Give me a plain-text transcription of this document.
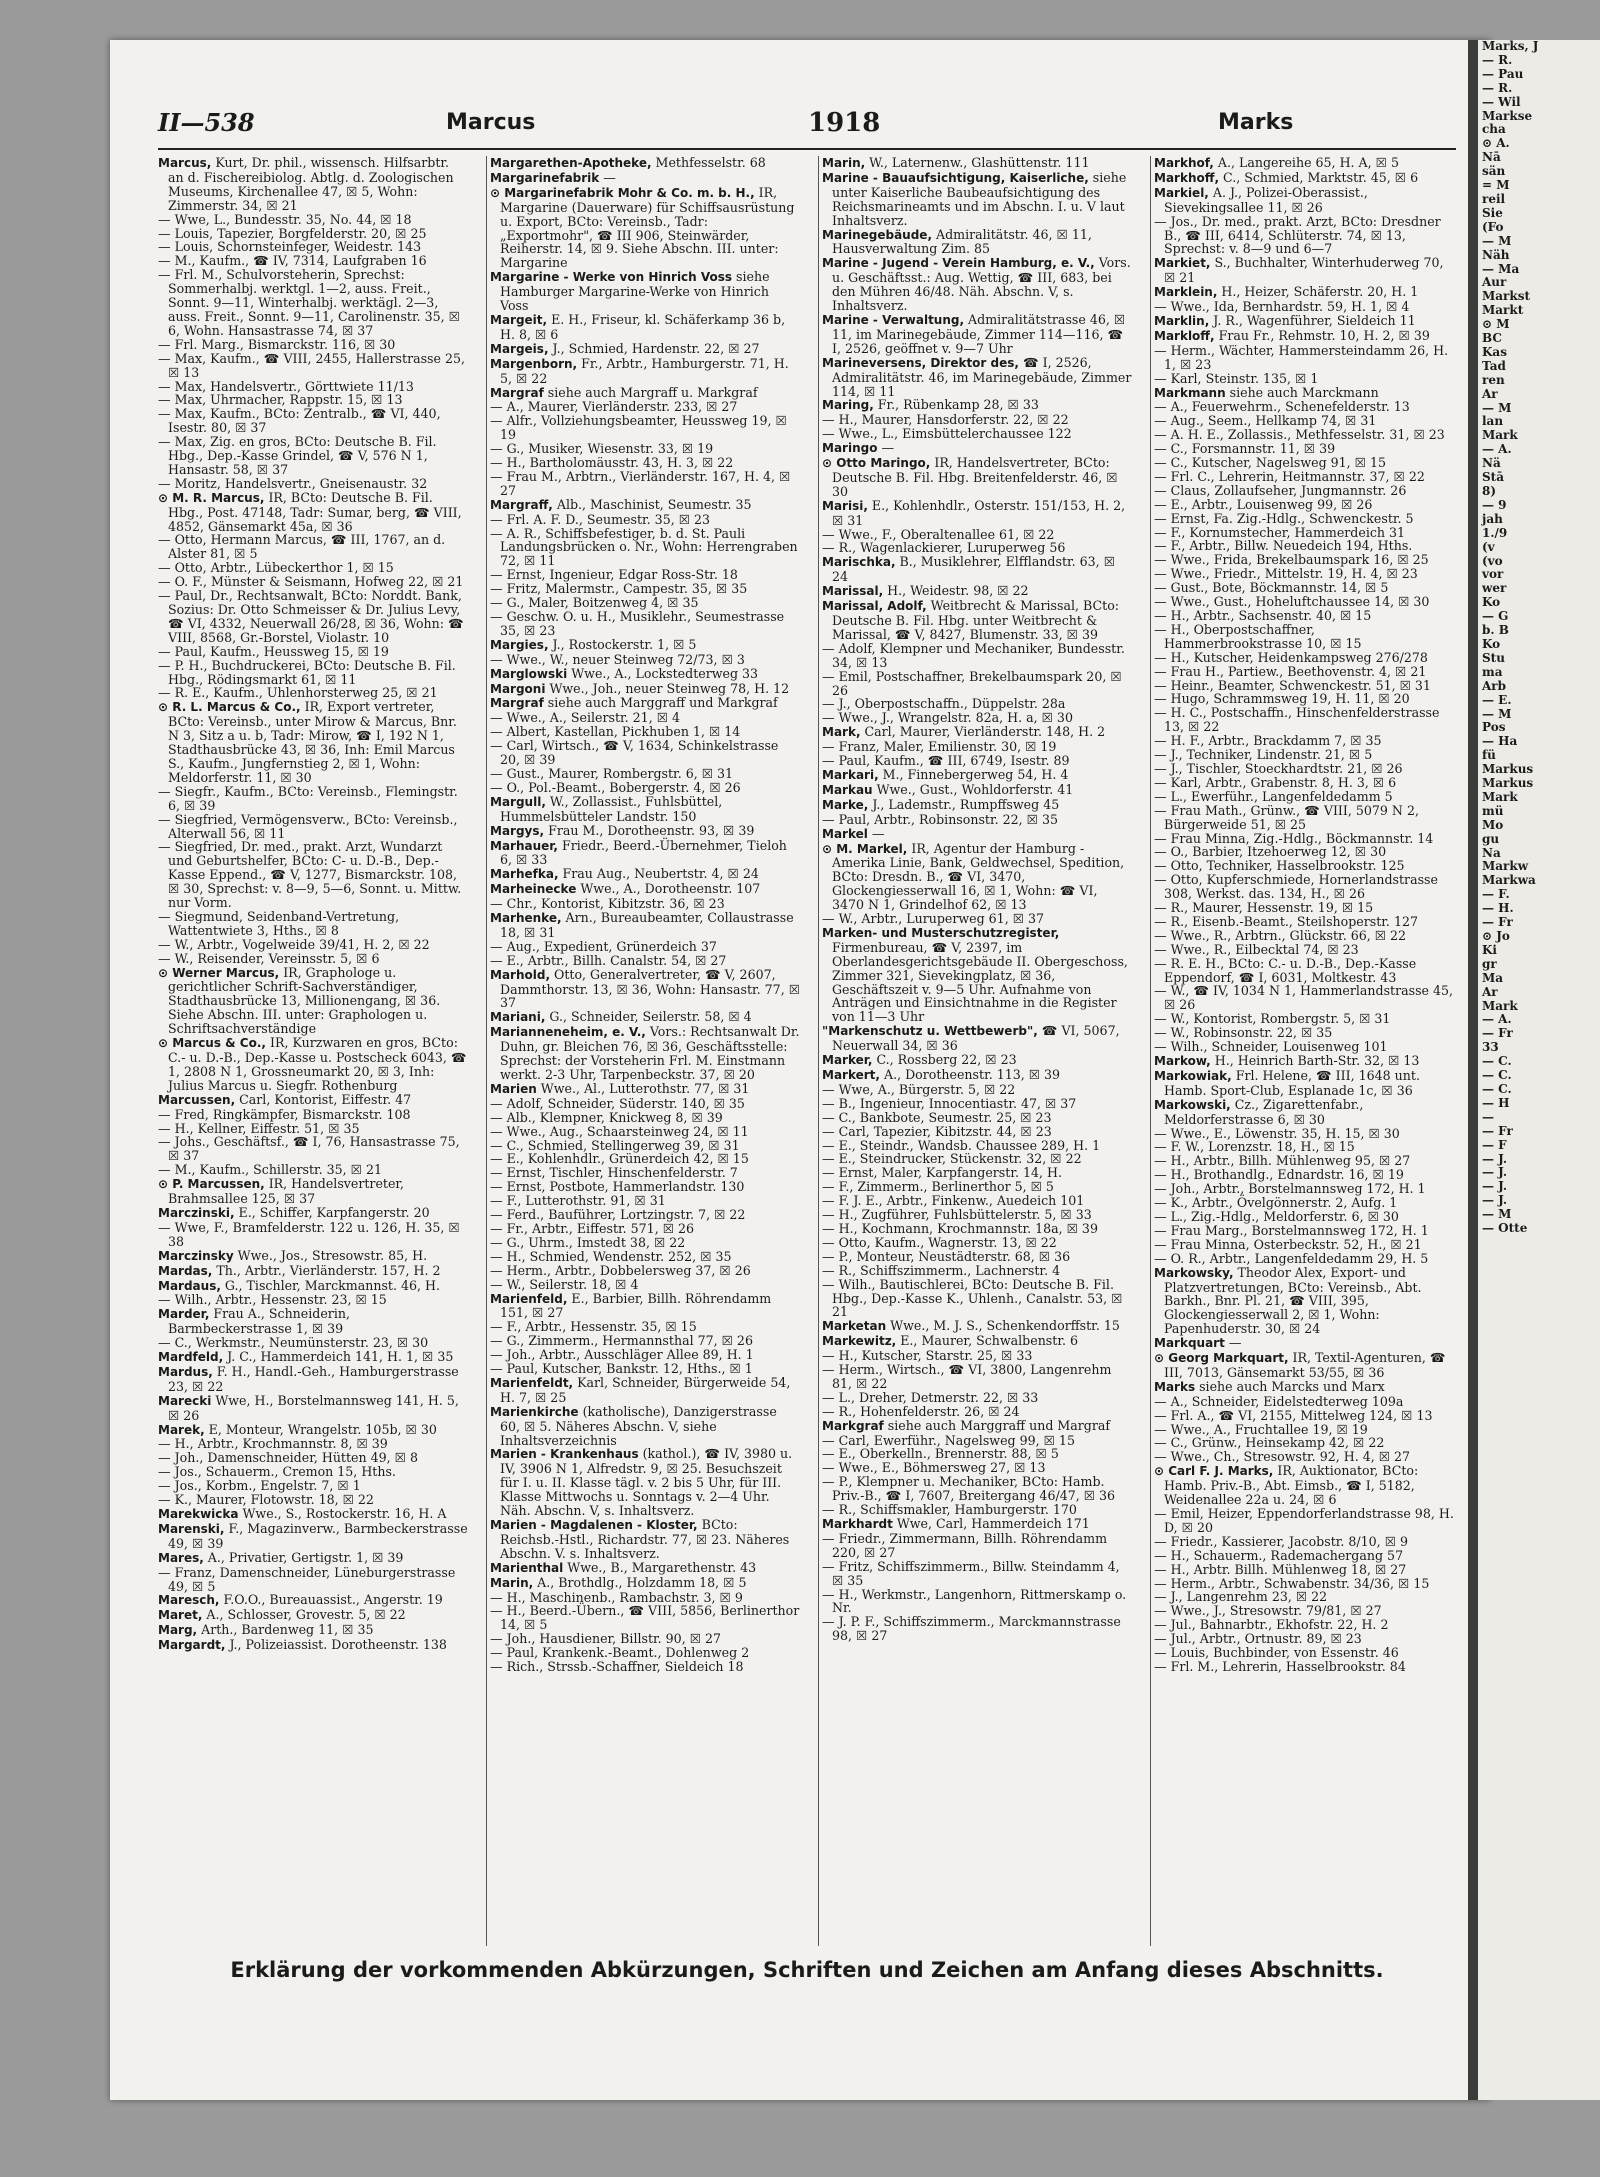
Marks, J
— R.
— Pau
— R.
— Wil
Markse
cha
⊙ A.
Nā
sän
= M
reil
Sie
(Fo
— M
Näh
— Ma
Aur
Markst
Markt
⊙ M
BC
Kas
Tad
ren
Ar
— M
lan
Mark
— A.
Nä
Stā
8)
— 9
jah
1./9
(v
(vo
vor
wer
Ko
— G
b. B
Ko
Stu
ma
Arb
— E.
— M
Pos
— Ha
fü
Markus
Markus
Mark
mü
Mo
gu
Na
Markw
Markwa
— F.
— H.
— Fr
⊙ Jo
Ki
gr
Ma
Ar
Mark
— A.
— Fr
33
— C.
— C.
— C.
— H
—
— Fr
— F
— J.
— J.
— J.
— J.
— M
— Otte
II—538	Marcus	1918	Marks

Marcus, Kurt, Dr. phil., wissensch. Hilfsarbtr. an d. Fischereibiolog. Abtlg. d. Zoologischen Museums, Kirchenallee 47, ☒ 5, Wohn: Zimmerstr. 34, ☒ 21

— Wwe, L., Bundesstr. 35, No. 44, ☒ 18

— Louis, Tapezier, Borgfelderstr. 20, ☒ 25

— Louis, Schornsteinfeger, Weidestr. 143

— M., Kaufm., ☎ IV, 7314, Laufgraben 16

— Frl. M., Schulvorsteherin, Sprechst: Sommerhalbj. werktgl. 1—2, auss. Freit., Sonnt. 9—11, Winterhalbj. werktägl. 2—3, auss. Freit., Sonnt. 9—11, Carolinenstr. 35, ☒ 6, Wohn. Hansastrasse 74, ☒ 37

— Frl. Marg., Bismarckstr. 116, ☒ 30

— Max, Kaufm., ☎ VIII, 2455, Hallerstrasse 25, ☒ 13

— Max, Handelsvertr., Görttwiete 11/13

— Max, Uhrmacher, Rappstr. 15, ☒ 13

— Max, Kaufm., BCto: Zentralb., ☎ VI, 440, Isestr. 80, ☒ 37

— Max, Zig. en gros, BCto: Deutsche B. Fil. Hbg., Dep.-Kasse Grindel, ☎ V, 576 N 1, Hansastr. 58, ☒ 37

— Moritz, Handelsvertr., Gneisenaustr. 32

⊙ M. R. Marcus, IR, BCto: Deutsche B. Fil. Hbg., Post. 47148, Tadr: Sumar, berg, ☎ VIII, 4852, Gänsemarkt 45a, ☒ 36

— Otto, Hermann Marcus, ☎ III, 1767, an d. Alster 81, ☒ 5

— Otto, Arbtr., Lübeckerthor 1, ☒ 15

— O. F., Münster & Seismann, Hofweg 22, ☒ 21

— Paul, Dr., Rechtsanwalt, BCto: Norddt. Bank, Sozius: Dr. Otto Schmeisser & Dr. Julius Levy, ☎ VI, 4332, Neuerwall 26/28, ☒ 36, Wohn: ☎ VIII, 8568, Gr.-Borstel, Violastr. 10

— Paul, Kaufm., Heussweg 15, ☒ 19

— P. H., Buchdruckerei, BCto: Deutsche B. Fil. Hbg., Rödingsmarkt 61, ☒ 11

— R. E., Kaufm., Uhlenhorsterweg 25, ☒ 21

⊙ R. L. Marcus & Co., IR, Export vertreter, BCto: Vereinsb., unter Mirow & Marcus, Bnr. N 3, Sitz a u. b, Tadr: Mirow, ☎ I, 192 N 1, Stadthausbrücke 43, ☒ 36, Inh: Emil Marcus S., Kaufm., Jungfernstieg 2, ☒ 1, Wohn: Meldorferstr. 11, ☒ 30

— Siegfr., Kaufm., BCto: Vereinsb., Flemingstr. 6, ☒ 39

— Siegfried, Vermögensverw., BCto: Vereinsb., Alterwall 56, ☒ 11

— Siegfried, Dr. med., prakt. Arzt, Wundarzt und Geburtshelfer, BCto: C- u. D.-B., Dep.-Kasse Eppend., ☎ V, 1277, Bismarckstr. 108, ☒ 30, Sprechst: v. 8—9, 5—6, Sonnt. u. Mittw. nur Vorm.

— Siegmund, Seidenband-Vertretung, Wattentwiete 3, Hths., ☒ 8

— W., Arbtr., Vogelweide 39/41, H. 2, ☒ 22

— W., Reisender, Vereinsstr. 5, ☒ 6

⊙ Werner Marcus, IR, Graphologe u. gerichtlicher Schrift-Sachverständiger, Stadthausbrücke 13, Millionengang, ☒ 36. Siehe Abschn. III. unter: Graphologen u. Schriftsachverständige

⊙ Marcus & Co., IR, Kurzwaren en gros, BCto: C.- u. D.-B., Dep.-Kasse u. Postscheck 6043, ☎ 1, 2808 N 1, Grossneumarkt 20, ☒ 3, Inh: Julius Marcus u. Siegfr. Rothenburg

Marcussen, Carl, Kontorist, Eiffestr. 47

— Fred, Ringkämpfer, Bismarckstr. 108

— H., Kellner, Eiffestr. 51, ☒ 35

— Johs., Geschäftsf., ☎ I, 76, Hansastrasse 75, ☒ 37

— M., Kaufm., Schillerstr. 35, ☒ 21

⊙ P. Marcussen, IR, Handelsvertreter, Brahmsallee 125, ☒ 37

Marczinski, E., Schiffer, Karpfangerstr. 20

— Wwe, F., Bramfelderstr. 122 u. 126, H. 35, ☒ 38

Marczinsky Wwe., Jos., Stresowstr. 85, H.

Mardas, Th., Arbtr., Vierländerstr. 157, H. 2

Mardaus, G., Tischler, Marckmannst. 46, H.

— Wilh., Arbtr., Hessenstr. 23, ☒ 15

Marder, Frau A., Schneiderin, Barmbeckerstrasse 1, ☒ 39

— C., Werkmstr., Neumünsterstr. 23, ☒ 30

Mardfeld, J. C., Hammerdeich 141, H. 1, ☒ 35

Mardus, F. H., Handl.-Geh., Hamburgerstrasse 23, ☒ 22

Marecki Wwe, H., Borstelmannsweg 141, H. 5, ☒ 26

Marek, E, Monteur, Wrangelstr. 105b, ☒ 30

— H., Arbtr., Krochmannstr. 8, ☒ 39

— Joh., Damenschneider, Hütten 49, ☒ 8

— Jos., Schauerm., Cremon 15, Hths.

— Jos., Korbm., Engelstr. 7, ☒ 1

— K., Maurer, Flotowstr. 18, ☒ 22

Marekwicka Wwe., S., Rostockerstr. 16, H. A

Marenski, F., Magazinverw., Barmbeckerstrasse 49, ☒ 39

Mares, A., Privatier, Gertigstr. 1, ☒ 39

— Franz, Damenschneider, Lüneburgerstrasse 49, ☒ 5

Maresch, F.O.O., Bureauassist., Angerstr. 19

Maret, A., Schlosser, Grovestr. 5, ☒ 22

Marg, Arth., Bardenweg 11, ☒ 35

Margardt, J., Polizeiassist. Dorotheenstr. 138

Margarethen-Apotheke, Methfesselstr. 68

Margarinefabrik —

⊙ Margarinefabrik Mohr & Co. m. b. H., IR, Margarine (Dauerware) für Schiffsausrüstung u. Export, BCto: Vereinsb., Tadr: „Exportmohr", ☎ III 906, Steinwärder, Reiherstr. 14, ☒ 9. Siehe Abschn. III. unter: Margarine

Margarine - Werke von Hinrich Voss siehe Hamburger Margarine-Werke von Hinrich Voss

Margeit, E. H., Friseur, kl. Schäferkamp 36 b, H. 8, ☒ 6

Margeis, J., Schmied, Hardenstr. 22, ☒ 27

Margenborn, Fr., Arbtr., Hamburgerstr. 71, H. 5, ☒ 22

Margraf siehe auch Margraff u. Markgraf

— A., Maurer, Vierländerstr. 233, ☒ 27

— Alfr., Vollziehungsbeamter, Heussweg 19, ☒ 19

— G., Musiker, Wiesenstr. 33, ☒ 19

— H., Bartholomäusstr. 43, H. 3, ☒ 22

— Frau M., Arbtrn., Vierländerstr. 167, H. 4, ☒ 27

Margraff, Alb., Maschinist, Seumestr. 35

— Frl. A. F. D., Seumestr. 35, ☒ 23

— A. R., Schiffsbefestiger, b. d. St. Pauli Landungsbrücken o. Nr., Wohn: Herrengraben 72, ☒ 11

— Ernst, Ingenieur, Edgar Ross-Str. 18

— Fritz, Malermstr., Campestr. 35, ☒ 35

— G., Maler, Boitzenweg 4, ☒ 35

— Geschw. O. u. H., Musiklehr., Seumestrasse 35, ☒ 23

Margies, J., Rostockerstr. 1, ☒ 5

— Wwe., W., neuer Steinweg 72/73, ☒ 3

Marglowski Wwe., A., Lockstedterweg 33

Margoni Wwe., Joh., neuer Steinweg 78, H. 12

Margraf siehe auch Marggraff und Markgraf

— Wwe., A., Seilerstr. 21, ☒ 4

— Albert, Kastellan, Pickhuben 1, ☒ 14

— Carl, Wirtsch., ☎ V, 1634, Schinkelstrasse 20, ☒ 39

— Gust., Maurer, Rombergstr. 6, ☒ 31

— O., Pol.-Beamt., Bobergerstr. 4, ☒ 26

Margull, W., Zollassist., Fuhlsbüttel, Hummelsbütteler Landstr. 150

Margys, Frau M., Dorotheenstr. 93, ☒ 39

Marhauer, Friedr., Beerd.-Übernehmer, Tieloh 6, ☒ 33

Marhefka, Frau Aug., Neubertstr. 4, ☒ 24

Marheinecke Wwe., A., Dorotheenstr. 107

— Chr., Kontorist, Kibitzstr. 36, ☒ 23

Marhenke, Arn., Bureaubeamter, Collaustrasse 18, ☒ 31

— Aug., Expedient, Grünerdeich 37

— E., Arbtr., Billh. Canalstr. 54, ☒ 27

Marhold, Otto, Generalvertreter, ☎ V, 2607, Dammthorstr. 13, ☒ 36, Wohn: Hansastr. 77, ☒ 37

Mariani, G., Schneider, Seilerstr. 58, ☒ 4

Marianneneheim, e. V., Vors.: Rechtsanwalt Dr. Duhn, gr. Bleichen 76, ☒ 36, Geschäftsstelle: Sprechst: der Vorsteherin Frl. M. Einstmann werkt. 2-3 Uhr, Tarpenbeckstr. 37, ☒ 20

Marien Wwe., Al., Lutterothstr. 77, ☒ 31

— Adolf, Schneider, Süderstr. 140, ☒ 35

— Alb., Klempner, Knickweg 8, ☒ 39

— Wwe., Aug., Schaarsteinweg 24, ☒ 11

— C., Schmied, Stellingerweg 39, ☒ 31

— E., Kohlenhdlr., Grünerdeich 42, ☒ 15

— Ernst, Tischler, Hinschenfelderstr. 7

— Ernst, Postbote, Hammerlandstr. 130

— F., Lutterothstr. 91, ☒ 31

— Ferd., Bauführer, Lortzingstr. 7, ☒ 22

— Fr., Arbtr., Eiffestr. 571, ☒ 26

— G., Uhrm., Imstedt 38, ☒ 22

— H., Schmied, Wendenstr. 252, ☒ 35

— Herm., Arbtr., Dobbelersweg 37, ☒ 26

— W., Seilerstr. 18, ☒ 4

Marienfeld, E., Barbier, Billh. Röhrendamm 151, ☒ 27

— F., Arbtr., Hessenstr. 35, ☒ 15

— G., Zimmerm., Hermannsthal 77, ☒ 26

— Joh., Arbtr., Ausschläger Allee 89, H. 1

— Paul, Kutscher, Bankstr. 12, Hths., ☒ 1

Marienfeldt, Karl, Schneider, Bürgerweide 54, H. 7, ☒ 25

Marienkirche (katholische), Danzigerstrasse 60, ☒ 5. Näheres Abschn. V, siehe Inhaltsverzeichnis

Marien - Krankenhaus (kathol.), ☎ IV, 3980 u. IV, 3906 N 1, Alfredstr. 9, ☒ 25. Besuchszeit für I. u. II. Klasse tägl. v. 2 bis 5 Uhr, für III. Klasse Mittwochs u. Sonntags v. 2—4 Uhr. Näh. Abschn. V, s. Inhaltsverz.

Marien - Magdalenen - Kloster, BCto: Reichsb.-Hstl., Richardstr. 77, ☒ 23. Näheres Abschn. V. s. Inhaltsverz.

Marienthal Wwe., B., Margarethenstr. 43

Marin, A., Brothdlg., Holzdamm 18, ☒ 5

— H., Maschinenb., Rambachstr. 3, ☒ 9

— H., Beerd.-Übern., ☎ VIII, 5856, Berlinerthor 14, ☒ 5

— Joh., Hausdiener, Billstr. 90, ☒ 27

— Paul, Krankenk.-Beamt., Dohlenweg 2

— Rich., Strssb.-Schaffner, Sieldeich 18

Marin, W., Laternenw., Glashüttenstr. 111

Marine - Bauaufsichtigung, Kaiserliche, siehe unter Kaiserliche Baubeaufsichtigung des Reichsmarineamts und im Abschn. I. u. V laut Inhaltsverz.

Marinegebäude, Admiralitätstr. 46, ☒ 11, Hausverwaltung Zim. 85

Marine - Jugend - Verein Hamburg, e. V., Vors. u. Geschäftsst.: Aug. Wettig, ☎ III, 683, bei den Mühren 46/48. Näh. Abschn. V, s. Inhaltsverz.

Marine - Verwaltung, Admiralitätstrasse 46, ☒ 11, im Marinegebäude, Zimmer 114—116, ☎ I, 2526, geöffnet v. 9—7 Uhr

Marineversens, Direktor des, ☎ I, 2526, Admiralitätstr. 46, im Marinegebäude, Zimmer 114, ☒ 11

Maring, Fr., Rübenkamp 28, ☒ 33

— H., Maurer, Hansdorferstr. 22, ☒ 22

— Wwe., L., Eimsbüttelerchaussee 122

Maringo —

⊙ Otto Maringo, IR, Handelsvertreter, BCto: Deutsche B. Fil. Hbg. Breitenfelderstr. 46, ☒ 30

Marisi, E., Kohlenhdlr., Osterstr. 151/153, H. 2, ☒ 31

— Wwe., F., Oberaltenallee 61, ☒ 22

— R., Wagenlackierer, Luruperweg 56

Marischka, B., Musiklehrer, Elfflandstr. 63, ☒ 24

Marissal, H., Weidestr. 98, ☒ 22

Marissal, Adolf, Weitbrecht & Marissal, BCto: Deutsche B. Fil. Hbg. unter Weitbrecht & Marissal, ☎ V, 8427, Blumenstr. 33, ☒ 39

— Adolf, Klempner und Mechaniker, Bundesstr. 34, ☒ 13

— Emil, Postschaffner, Brekelbaumspark 20, ☒ 26

— J., Oberpostschaffn., Düppelstr. 28a

— Wwe., J., Wrangelstr. 82a, H. a, ☒ 30

Mark, Carl, Maurer, Vierländerstr. 148, H. 2

— Franz, Maler, Emilienstr. 30, ☒ 19

— Paul, Kaufm., ☎ III, 6749, Isestr. 89

Markari, M., Finnebergerweg 54, H. 4

Markau Wwe., Gust., Wohldorferstr. 41

Marke, J., Lademstr., Rumpffsweg 45

— Paul, Arbtr., Robinsonstr. 22, ☒ 35

Markel —

⊙ M. Markel, IR, Agentur der Hamburg - Amerika Linie, Bank, Geldwechsel, Spedition, BCto: Dresdn. B., ☎ VI, 3470, Glockengiesserwall 16, ☒ 1, Wohn: ☎ VI, 3470 N 1, Grindelhof 62, ☒ 13

— W., Arbtr., Luruperweg 61, ☒ 37

Marken- und Musterschutzregister, Firmenbureau, ☎ V, 2397, im Oberlandesgerichtsgebäude II. Obergeschoss, Zimmer 321, Sievekingplatz, ☒ 36, Geschäftszeit v. 9—5 Uhr. Aufnahme von Anträgen und Einsichtnahme in die Register von 11—3 Uhr

"Markenschutz u. Wettbewerb", ☎ VI, 5067, Neuerwall 34, ☒ 36

Marker, C., Rossberg 22, ☒ 23

Markert, A., Dorotheenstr. 113, ☒ 39

— Wwe, A., Bürgerstr. 5, ☒ 22

— B., Ingenieur, Innocentiastr. 47, ☒ 37

— C., Bankbote, Seumestr. 25, ☒ 23

— Carl, Tapezier, Kibitzstr. 44, ☒ 23

— E., Steindr., Wandsb. Chaussee 289, H. 1

— E., Steindrucker, Stückenstr. 32, ☒ 22

— Ernst, Maler, Karpfangerstr. 14, H.

— F., Zimmerm., Berlinerthor 5, ☒ 5

— F. J. E., Arbtr., Finkenw., Auedeich 101

— H., Zugführer, Fuhlsbüttelerstr. 5, ☒ 33

— H., Kochmann, Krochmannstr. 18a, ☒ 39

— Otto, Kaufm., Wagnerstr. 13, ☒ 22

— P., Monteur, Neustädterstr. 68, ☒ 36

— R., Schiffszimmerm., Lachnerstr. 4

— Wilh., Bautischlerei, BCto: Deutsche B. Fil. Hbg., Dep.-Kasse K., Uhlenh., Canalstr. 53, ☒ 21

Marketan Wwe., M. J. S., Schenkendorffstr. 15

Markewitz, E., Maurer, Schwalbenstr. 6

— H., Kutscher, Starstr. 25, ☒ 33

— Herm., Wirtsch., ☎ VI, 3800, Langenrehm 81, ☒ 22

— L., Dreher, Detmerstr. 22, ☒ 33

— R., Hohenfelderstr. 26, ☒ 24

Markgraf siehe auch Marggraff und Margraf

— Carl, Ewerführ., Nagelsweg 99, ☒ 15

— E., Oberkelln., Brennerstr. 88, ☒ 5

— Wwe., E., Böhmersweg 27, ☒ 13

— P., Klempner u. Mechaniker, BCto: Hamb. Priv.-B., ☎ I, 7607, Breitergang 46/47, ☒ 36

— R., Schiffsmakler, Hamburgerstr. 170

Markhardt Wwe, Carl, Hammerdeich 171

— Friedr., Zimmermann, Billh. Röhrendamm 220, ☒ 27

— Fritz, Schiffszimmerm., Billw. Steindamm 4, ☒ 35

— H., Werkmstr., Langenhorn, Rittmerskamp o. Nr.

— J. P. F., Schiffszimmerm., Marckmannstrasse 98, ☒ 27

Markhof, A., Langereihe 65, H. A, ☒ 5

Markhoff, C., Schmied, Marktstr. 45, ☒ 6

Markiel, A. J., Polizei-Oberassist., Sievekingsallee 11, ☒ 26

— Jos., Dr. med., prakt. Arzt, BCto: Dresdner B., ☎ III, 6414, Schlüterstr. 74, ☒ 13, Sprechst: v. 8—9 und 6—7

Markiet, S., Buchhalter, Winterhuderweg 70, ☒ 21

Marklein, H., Heizer, Schäferstr. 20, H. 1

— Wwe., Ida, Bernhardstr. 59, H. 1, ☒ 4

Marklin, J. R., Wagenführer, Sieldeich 11

Markloff, Frau Fr., Rehmstr. 10, H. 2, ☒ 39

— Herm., Wächter, Hammersteindamm 26, H. 1, ☒ 23

— Karl, Steinstr. 135, ☒ 1

Markmann siehe auch Marckmann

— A., Feuerwehrm., Schenefelderstr. 13

— Aug., Seem., Hellkamp 74, ☒ 31

— A. H. E., Zollassis., Methfesselstr. 31, ☒ 23

— C., Forsmannstr. 11, ☒ 39

— C., Kutscher, Nagelsweg 91, ☒ 15

— Frl. C., Lehrerin, Heitmannstr. 37, ☒ 22

— Claus, Zollaufseher, Jungmannstr. 26

— E., Arbtr., Louisenweg 99, ☒ 26

— Ernst, Fa. Zig.-Hdlg., Schwenckestr. 5

— F., Kornumstecher, Hammerdeich 31

— F., Arbtr., Billw. Neuedeich 194, Hths.

— Wwe., Frida, Brekelbaumspark 16, ☒ 25

— Wwe., Friedr., Mittelstr. 19, H. 4, ☒ 23

— Gust., Bote, Böckmannstr. 14, ☒ 5

— Wwe., Gust., Hoheluftchaussee 14, ☒ 30

— H., Arbtr., Sachsenstr. 40, ☒ 15

— H., Oberpostschaffner, Hammerbrookstrasse 10, ☒ 15

— H., Kutscher, Heidenkampsweg 276/278

— Frau H., Partiew., Beethovenstr. 4, ☒ 21

— Heinr., Beamter, Schwenckestr. 51, ☒ 31

— Hugo, Schrammsweg 19, H. 11, ☒ 20

— H. C., Postschaffn., Hinschenfelderstrasse 13, ☒ 22

— H. F., Arbtr., Brackdamm 7, ☒ 35

— J., Techniker, Lindenstr. 21, ☒ 5

— J., Tischler, Stoeckhardtstr. 21, ☒ 26

— Karl, Arbtr., Grabenstr. 8, H. 3, ☒ 6

— L., Ewerführ., Langenfeldedamm 5

— Frau Math., Grünw., ☎ VIII, 5079 N 2, Bürgerweide 51, ☒ 25

— Frau Minna, Zig.-Hdlg., Böckmannstr. 14

— O., Barbier, Itzehoerweg 12, ☒ 30

— Otto, Techniker, Hasselbrookstr. 125

— Otto, Kupferschmiede, Hornerlandstrasse 308, Werkst. das. 134, H., ☒ 26

— R., Maurer, Hessenstr. 19, ☒ 15

— R., Eisenb.-Beamt., Steilshoperstr. 127

— Wwe., R., Arbtrn., Glückstr. 66, ☒ 22

— Wwe., R., Eilbecktal 74, ☒ 23

— R. E. H., BCto: C.- u. D.-B., Dep.-Kasse Eppendorf, ☎ I, 6031, Moltkestr. 43

— W., ☎ IV, 1034 N 1, Hammerlandstrasse 45, ☒ 26

— W., Kontorist, Rombergstr. 5, ☒ 31

— W., Robinsonstr. 22, ☒ 35

— Wilh., Schneider, Louisenweg 101

Markow, H., Heinrich Barth-Str. 32, ☒ 13

Markowiak, Frl. Helene, ☎ III, 1648 unt. Hamb. Sport-Club, Esplanade 1c, ☒ 36

Markowski, Cz., Zigarettenfabr., Meldorferstrasse 6, ☒ 30

— Wwe., E., Löwenstr. 35, H. 15, ☒ 30

— F. W., Lorenzstr. 18, H., ☒ 15

— H., Arbtr., Billh. Mühlenweg 95, ☒ 27

— H., Brothandlg., Ednardstr. 16, ☒ 19

— Joh., Arbtr., Borstelmannsweg 172, H. 1

— K., Arbtr., Övelgönnerstr. 2, Aufg. 1

— L., Zig.-Hdlg., Meldorferstr. 6, ☒ 30

— Frau Marg., Borstelmannsweg 172, H. 1

— Frau Minna, Osterbeckstr. 52, H., ☒ 21

— O. R., Arbtr., Langenfeldedamm 29, H. 5

Markowsky, Theodor Alex, Export- und Platzvertretungen, BCto: Vereinsb., Abt. Barkh., Bnr. Pl. 21, ☎ VIII, 395, Glockengiesserwall 2, ☒ 1, Wohn: Papenhuderstr. 30, ☒ 24

Markquart —

⊙ Georg Markquart, IR, Textil-Agenturen, ☎ III, 7013, Gänsemarkt 53/55, ☒ 36

Marks siehe auch Marcks und Marx

— A., Schneider, Eidelstedterweg 109a

— Frl. A., ☎ VI, 2155, Mittelweg 124, ☒ 13

— Wwe., A., Fruchtallee 19, ☒ 19

— C., Grünw., Heinsekamp 42, ☒ 22

— Wwe., Ch., Stresowstr. 92, H. 4, ☒ 27

⊙ Carl F. J. Marks, IR, Auktionator, BCto: Hamb. Priv.-B., Abt. Eimsb., ☎ I, 5182, Weidenallee 22a u. 24, ☒ 6

— Emil, Heizer, Eppendorferlandstrasse 98, H. D, ☒ 20

— Friedr., Kassierer, Jacobstr. 8/10, ☒ 9

— H., Schauerm., Rademachergang 57

— H., Arbtr. Billh. Mühlenweg 18, ☒ 27

— Herm., Arbtr., Schwabenstr. 34/36, ☒ 15

— J., Langenrehm 23, ☒ 22

— Wwe., J., Stresowstr. 79/81, ☒ 27

— Jul., Bahnarbtr., Ekhofstr. 22, H. 2

— Jul., Arbtr., Ortnustr. 89, ☒ 23

— Louis, Buchbinder, von Essenstr. 46

— Frl. M., Lehrerin, Hasselbrookstr. 84

Erklärung der vorkommenden Abkürzungen, Schriften und Zeichen am Anfang dieses Abschnitts.
